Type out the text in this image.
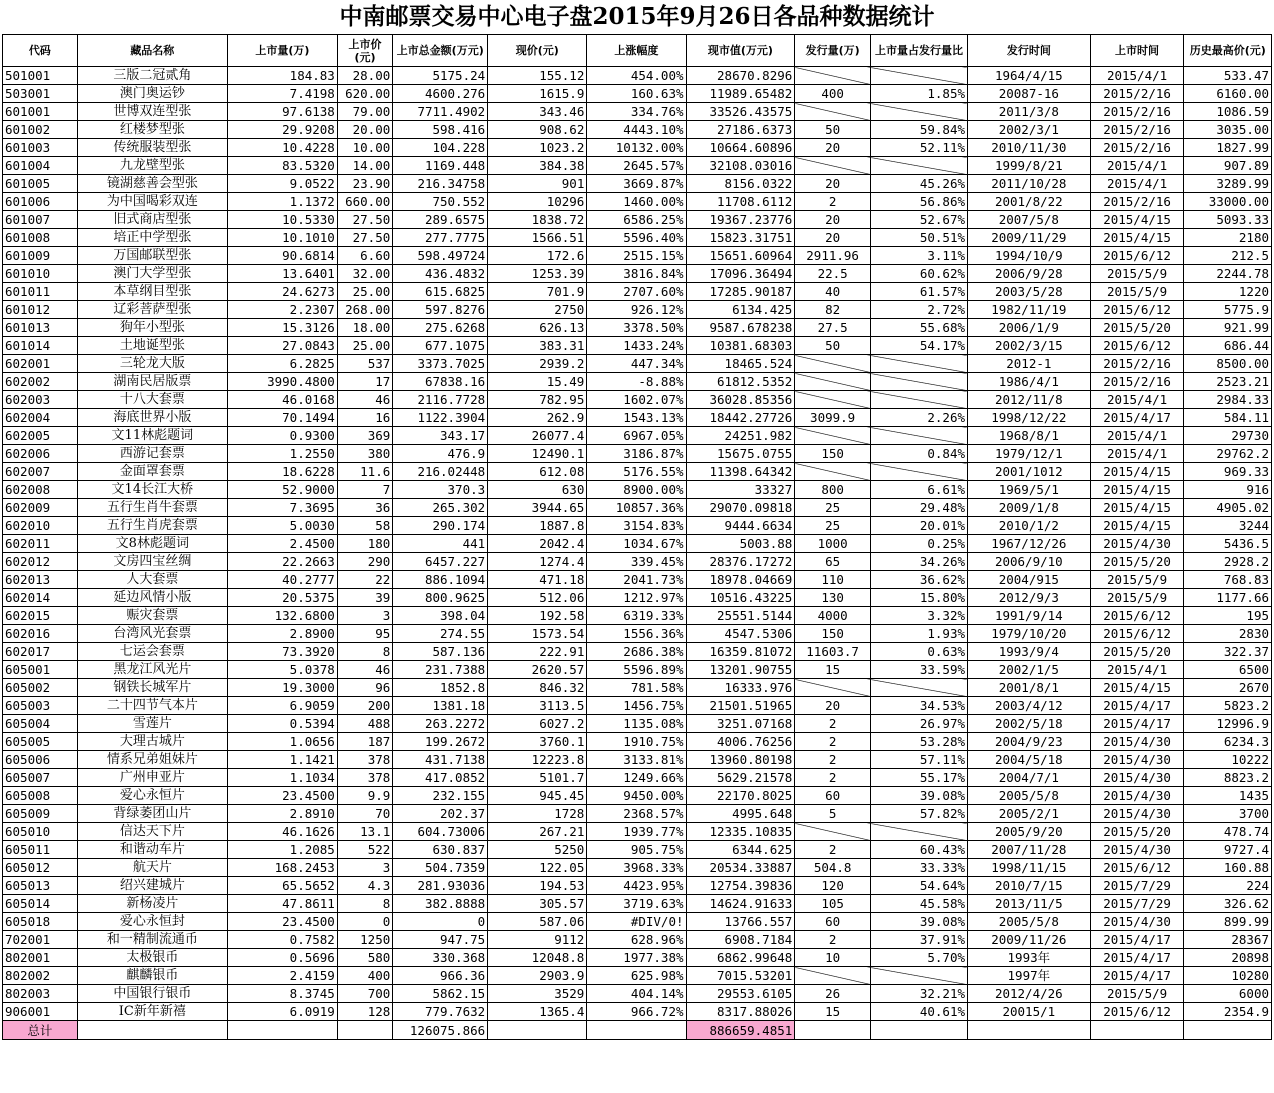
中南邮票交易中心电子盘2015年9月26日各品种数据统计
代码	藏品名称	上市量(万)	上市价(元)	上市总金额(万元)	现价(元)	上涨幅度	现市值(万元)	发行量(万)	上市量占发行量比	发行时间	上市时间	历史最高价(元)
501001	三版二冠贰角	184.83	28.00	5175.24	155.12	454.00%	28670.8296			1964/4/15	2015/4/1	533.47
503001	澳门奥运钞	7.4198	620.00	4600.276	1615.9	160.63%	11989.65482	400	1.85%	20087-16	2015/2/16	6160.00
601001	世博双连型张	97.6138	79.00	7711.4902	343.46	334.76%	33526.43575			2011/3/8	2015/2/16	1086.59
601002	红楼梦型张	29.9208	20.00	598.416	908.62	4443.10%	27186.6373	50	59.84%	2002/3/1	2015/2/16	3035.00
601003	传统服装型张	10.4228	10.00	104.228	1023.2	10132.00%	10664.60896	20	52.11%	2010/11/30	2015/2/16	1827.99
601004	九龙壁型张	83.5320	14.00	1169.448	384.38	2645.57%	32108.03016			1999/8/21	2015/4/1	907.89
601005	镜湖慈善会型张	9.0522	23.90	216.34758	901	3669.87%	8156.0322	20	45.26%	2011/10/28	2015/4/1	3289.99
601006	为中国喝彩双连	1.1372	660.00	750.552	10296	1460.00%	11708.6112	2	56.86%	2001/8/22	2015/2/16	33000.00
601007	旧式商店型张	10.5330	27.50	289.6575	1838.72	6586.25%	19367.23776	20	52.67%	2007/5/8	2015/4/15	5093.33
601008	培正中学型张	10.1010	27.50	277.7775	1566.51	5596.40%	15823.31751	20	50.51%	2009/11/29	2015/4/15	2180
601009	万国邮联型张	90.6814	6.60	598.49724	172.6	2515.15%	15651.60964	2911.96	3.11%	1994/10/9	2015/6/12	212.5
601010	澳门大学型张	13.6401	32.00	436.4832	1253.39	3816.84%	17096.36494	22.5	60.62%	2006/9/28	2015/5/9	2244.78
601011	本草纲目型张	24.6273	25.00	615.6825	701.9	2707.60%	17285.90187	40	61.57%	2003/5/28	2015/5/9	1220
601012	辽彩菩萨型张	2.2307	268.00	597.8276	2750	926.12%	6134.425	82	2.72%	1982/11/19	2015/6/12	5775.9
601013	狗年小型张	15.3126	18.00	275.6268	626.13	3378.50%	9587.678238	27.5	55.68%	2006/1/9	2015/5/20	921.99
601014	土地诞型张	27.0843	25.00	677.1075	383.31	1433.24%	10381.68303	50	54.17%	2002/3/15	2015/6/12	686.44
602001	三轮龙大版	6.2825	537	3373.7025	2939.2	447.34%	18465.524			2012-1	2015/2/16	8500.00
602002	湖南民居版票	3990.4800	17	67838.16	15.49	-8.88%	61812.5352			1986/4/1	2015/2/16	2523.21
602003	十八大套票	46.0168	46	2116.7728	782.95	1602.07%	36028.85356			2012/11/8	2015/4/1	2984.33
602004	海底世界小版	70.1494	16	1122.3904	262.9	1543.13%	18442.27726	3099.9	2.26%	1998/12/22	2015/4/17	584.11
602005	文11林彪题词	0.9300	369	343.17	26077.4	6967.05%	24251.982			1968/8/1	2015/4/1	29730
602006	西游记套票	1.2550	380	476.9	12490.1	3186.87%	15675.0755	150	0.84%	1979/12/1	2015/4/1	29762.2
602007	金面罩套票	18.6228	11.6	216.02448	612.08	5176.55%	11398.64342			2001/1012	2015/4/15	969.33
602008	文14长江大桥	52.9000	7	370.3	630	8900.00%	33327	800	6.61%	1969/5/1	2015/4/15	916
602009	五行生肖牛套票	7.3695	36	265.302	3944.65	10857.36%	29070.09818	25	29.48%	2009/1/8	2015/4/15	4905.02
602010	五行生肖虎套票	5.0030	58	290.174	1887.8	3154.83%	9444.6634	25	20.01%	2010/1/2	2015/4/15	3244
602011	文8林彪题词	2.4500	180	441	2042.4	1034.67%	5003.88	1000	0.25%	1967/12/26	2015/4/30	5436.5
602012	文房四宝丝绸	22.2663	290	6457.227	1274.4	339.45%	28376.17272	65	34.26%	2006/9/10	2015/5/20	2928.2
602013	人大套票	40.2777	22	886.1094	471.18	2041.73%	18978.04669	110	36.62%	2004/915	2015/5/9	768.83
602014	延边风情小版	20.5375	39	800.9625	512.06	1212.97%	10516.43225	130	15.80%	2012/9/3	2015/5/9	1177.66
602015	赈灾套票	132.6800	3	398.04	192.58	6319.33%	25551.5144	4000	3.32%	1991/9/14	2015/6/12	195
602016	台湾风光套票	2.8900	95	274.55	1573.54	1556.36%	4547.5306	150	1.93%	1979/10/20	2015/6/12	2830
602017	七运会套票	73.3920	8	587.136	222.91	2686.38%	16359.81072	11603.7	0.63%	1993/9/4	2015/5/20	322.37
605001	黑龙江风光片	5.0378	46	231.7388	2620.57	5596.89%	13201.90755	15	33.59%	2002/1/5	2015/4/1	6500
605002	钢铁长城军片	19.3000	96	1852.8	846.32	781.58%	16333.976			2001/8/1	2015/4/15	2670
605003	二十四节气本片	6.9059	200	1381.18	3113.5	1456.75%	21501.51965	20	34.53%	2003/4/12	2015/4/17	5823.2
605004	雪莲片	0.5394	488	263.2272	6027.2	1135.08%	3251.07168	2	26.97%	2002/5/18	2015/4/17	12996.9
605005	大理古城片	1.0656	187	199.2672	3760.1	1910.75%	4006.76256	2	53.28%	2004/9/23	2015/4/30	6234.3
605006	情系兄弟姐妹片	1.1421	378	431.7138	12223.8	3133.81%	13960.80198	2	57.11%	2004/5/18	2015/4/30	10222
605007	广州申亚片	1.1034	378	417.0852	5101.7	1249.66%	5629.21578	2	55.17%	2004/7/1	2015/4/30	8823.2
605008	爱心永恒片	23.4500	9.9	232.155	945.45	9450.00%	22170.8025	60	39.08%	2005/5/8	2015/4/30	1435
605009	背绿萎团山片	2.8910	70	202.37	1728	2368.57%	4995.648	5	57.82%	2005/2/1	2015/4/30	3700
605010	信达天下片	46.1626	13.1	604.73006	267.21	1939.77%	12335.10835			2005/9/20	2015/5/20	478.74
605011	和谐动车片	1.2085	522	630.837	5250	905.75%	6344.625	2	60.43%	2007/11/28	2015/4/30	9727.4
605012	航天片	168.2453	3	504.7359	122.05	3968.33%	20534.33887	504.8	33.33%	1998/11/15	2015/6/12	160.88
605013	绍兴建城片	65.5652	4.3	281.93036	194.53	4423.95%	12754.39836	120	54.64%	2010/7/15	2015/7/29	224
605014	新杨凌片	47.8611	8	382.8888	305.57	3719.63%	14624.91633	105	45.58%	2013/11/5	2015/7/29	326.62
605018	爱心永恒封	23.4500	0	0	587.06	#DIV/0!	13766.557	60	39.08%	2005/5/8	2015/4/30	899.99
702001	和一精制流通币	0.7582	1250	947.75	9112	628.96%	6908.7184	2	37.91%	2009/11/26	2015/4/17	28367
802001	太极银币	0.5696	580	330.368	12048.8	1977.38%	6862.99648	10	5.70%	1993年	2015/4/17	20898
802002	麒麟银币	2.4159	400	966.36	2903.9	625.98%	7015.53201			1997年	2015/4/17	10280
802003	中国银行银币	8.3745	700	5862.15	3529	404.14%	29553.6105	26	32.21%	2012/4/26	2015/5/9	6000
906001	IC新年新禧	6.0919	128	779.7632	1365.4	966.72%	8317.88026	15	40.61%	20015/1	2015/6/12	2354.9
总计				126075.866			886659.4851					
